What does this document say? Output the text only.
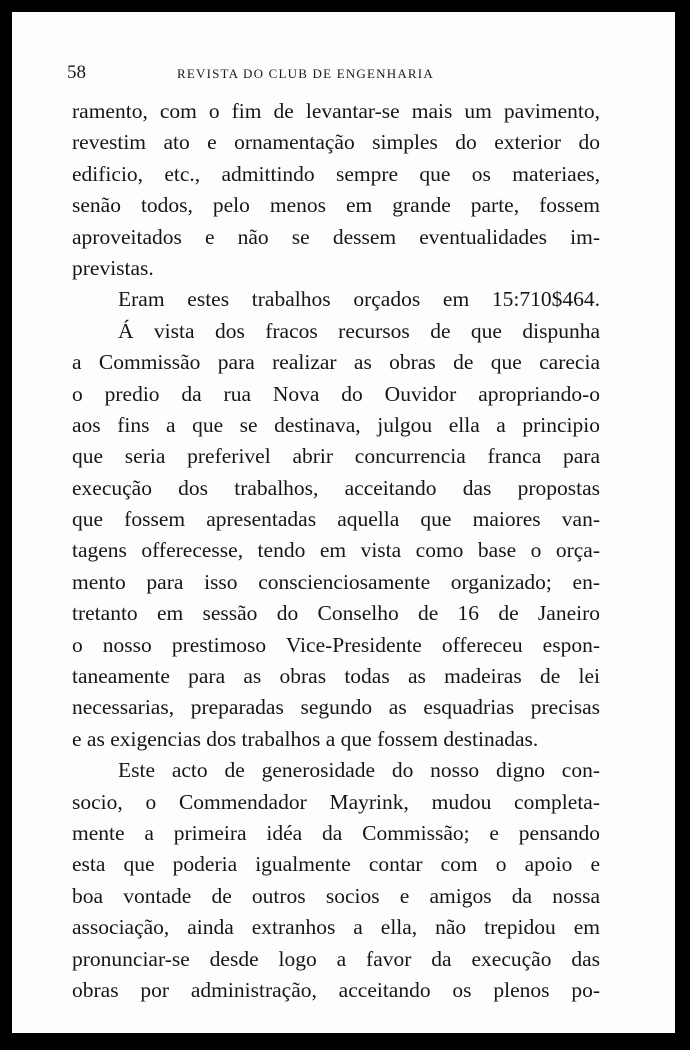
58	REVISTA DO CLUB DE ENGENHARIA
ramento, com o fim de levantar-se mais um pavimento,
revestim ato e ornamentação simples do exterior do
edificio, etc., admittindo sempre que os materiaes,
senão todos, pelo menos em grande parte, fossem
aproveitados e não se dessem eventualidades im-
previstas.
Eram estes trabalhos orçados em 15:710$464.
Á vista dos fracos recursos de que dispunha
a Commissão para realizar as obras de que carecia
o predio da rua Nova do Ouvidor apropriando-o
aos fins a que se destinava, julgou ella a principio
que seria preferivel abrir concurrencia franca para
execução dos trabalhos, acceitando das propostas
que fossem apresentadas aquella que maiores van-
tagens offerecesse, tendo em vista como base o orça-
mento para isso conscienciosamente organizado; en-
tretanto em sessão do Conselho de 16 de Janeiro
o nosso prestimoso Vice-Presidente offereceu espon-
taneamente para as obras todas as madeiras de lei
necessarias, preparadas segundo as esquadrias precisas
e as exigencias dos trabalhos a que fossem destinadas.
Este acto de generosidade do nosso digno con-
socio, o Commendador Mayrink, mudou completa-
mente a primeira idéa da Commissão; e pensando
esta que poderia igualmente contar com o apoio e
boa vontade de outros socios e amigos da nossa
associação, ainda extranhos a ella, não trepidou em
pronunciar-se desde logo a favor da execução das
obras por administração, acceitando os plenos po-
